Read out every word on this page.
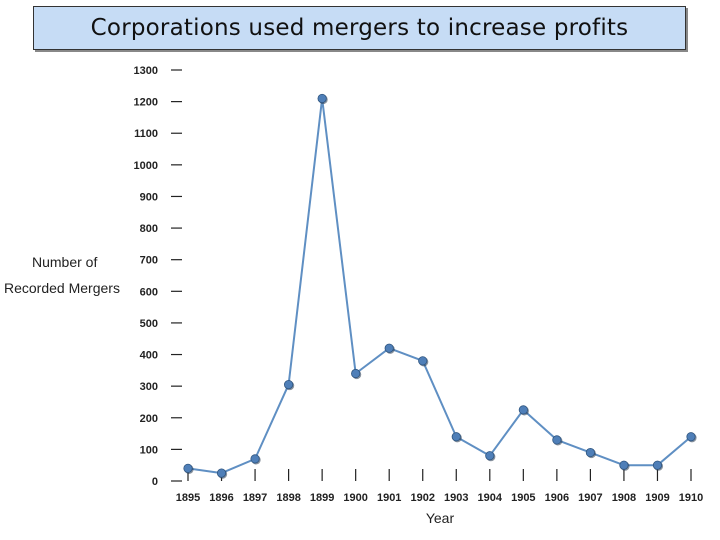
Corporations used mergers to increase profits
Number of
Recorded Mergers
0
100
200
300
400
500
600
700
800
900
1000
1100
1200
1300
1895 1896 1897 1898 1899 1900 1901 1902 1903 1904 1905 1906 1907 1908 1909 1910
Year
